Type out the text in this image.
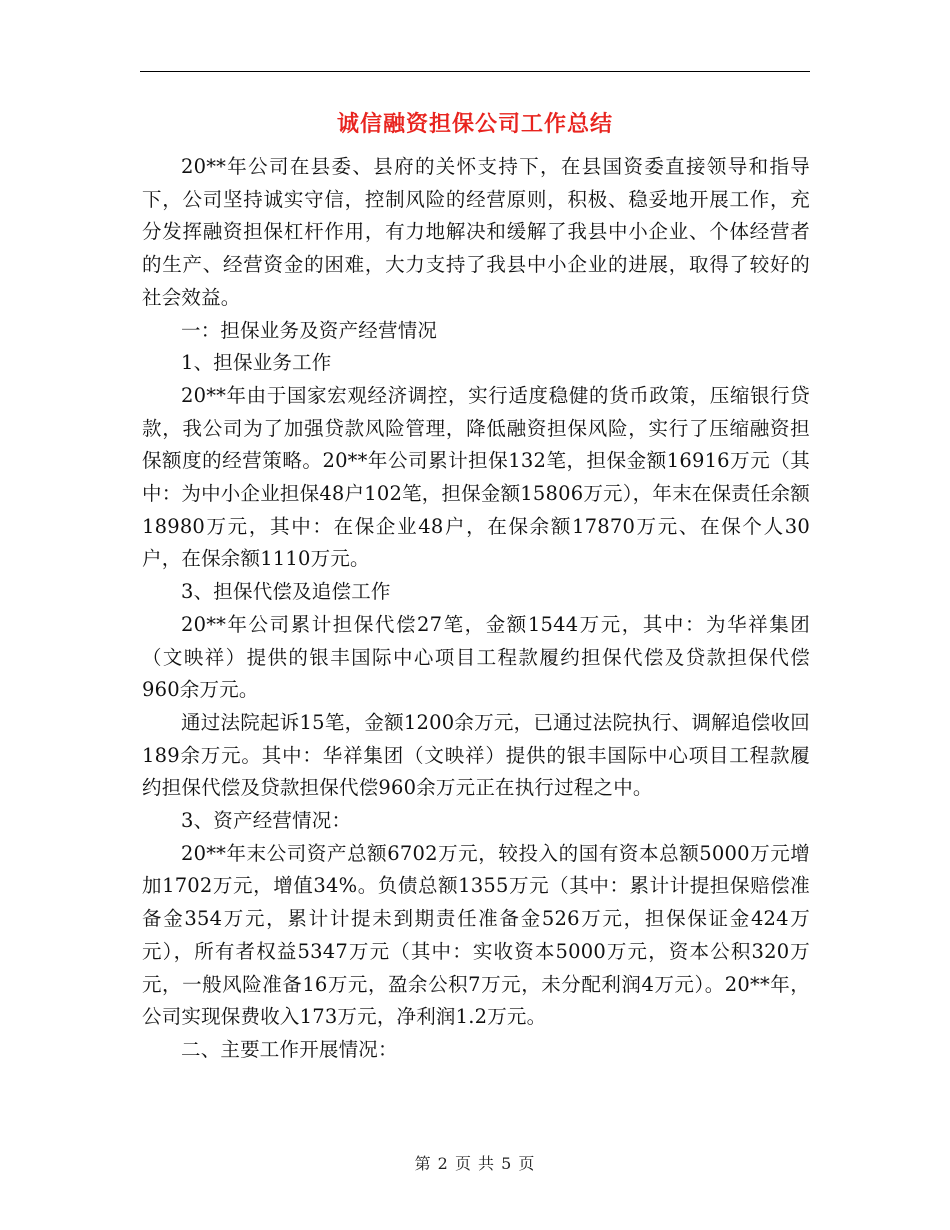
诚信融资担保公司工作总结

20**年公司在县委、县府的关怀支持下，在县国资委直接领导和指导下，公司坚持诚实守信，控制风险的经营原则，积极、稳妥地开展工作，充分发挥融资担保杠杆作用，有力地解决和缓解了我县中小企业、个体经营者的生产、经营资金的困难，大力支持了我县中小企业的进展，取得了较好的社会效益。

一：担保业务及资产经营情况

1、担保业务工作

20**年由于国家宏观经济调控，实行适度稳健的货币政策，压缩银行贷款，我公司为了加强贷款风险管理，降低融资担保风险，实行了压缩融资担保额度的经营策略。20**年公司累计担保132笔，担保金额16916万元（其中：为中小企业担保48户102笔，担保金额15806万元），年末在保责任余额18980万元，其中：在保企业48户，在保余额17870万元、在保个人30户，在保余额1110万元。

3、担保代偿及追偿工作

20**年公司累计担保代偿27笔，金额1544万元，其中：为华祥集团（文映祥）提供的银丰国际中心项目工程款履约担保代偿及贷款担保代偿960余万元。

通过法院起诉15笔，金额1200余万元，已通过法院执行、调解追偿收回189余万元。其中：华祥集团（文映祥）提供的银丰国际中心项目工程款履约担保代偿及贷款担保代偿960余万元正在执行过程之中。

3、资产经营情况：

20**年末公司资产总额6702万元，较投入的国有资本总额5000万元增加1702万元，增值34%。负债总额1355万元（其中：累计计提担保赔偿准备金354万元，累计计提未到期责任准备金526万元，担保保证金424万元），所有者权益5347万元（其中：实收资本5000万元，资本公积320万元，一般风险准备16万元，盈余公积7万元，未分配利润4万元）。20**年，公司实现保费收入173万元，净利润1.2万元。

二、主要工作开展情况：

第 2 页 共 5 页
